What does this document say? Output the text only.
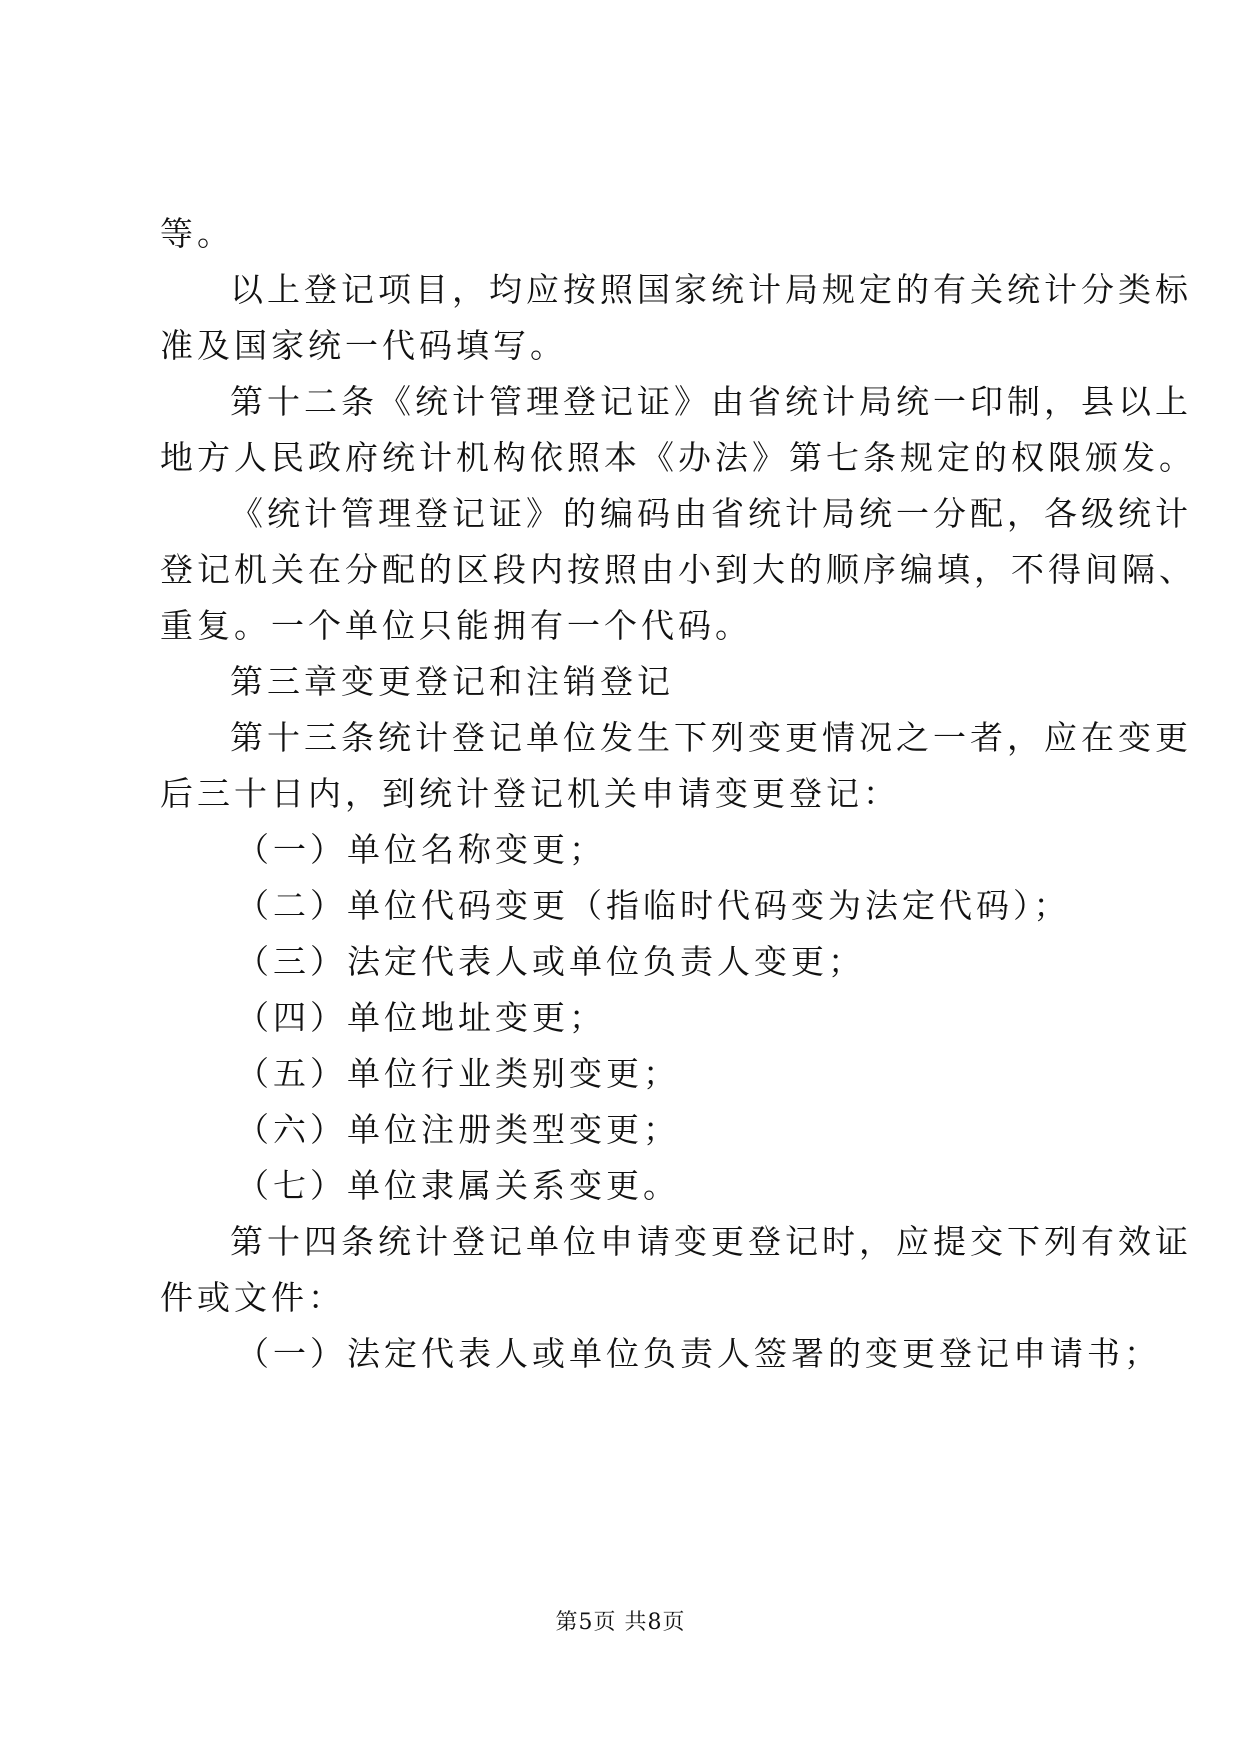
等。
以上登记项目，均应按照国家统计局规定的有关统计分类标
准及国家统一代码填写。
第十二条《统计管理登记证》由省统计局统一印制，县以上
地方人民政府统计机构依照本《办法》第七条规定的权限颁发。
《统计管理登记证》的编码由省统计局统一分配，各级统计
登记机关在分配的区段内按照由小到大的顺序编填，不得间隔、
重复。一个单位只能拥有一个代码。
第三章变更登记和注销登记
第十三条统计登记单位发生下列变更情况之一者，应在变更
后三十日内，到统计登记机关申请变更登记：
（一）单位名称变更；
（二）单位代码变更（指临时代码变为法定代码）；
（三）法定代表人或单位负责人变更；
（四）单位地址变更；
（五）单位行业类别变更；
（六）单位注册类型变更；
（七）单位隶属关系变更。
第十四条统计登记单位申请变更登记时，应提交下列有效证
件或文件：
（一）法定代表人或单位负责人签署的变更登记申请书；
第5页 共8页
